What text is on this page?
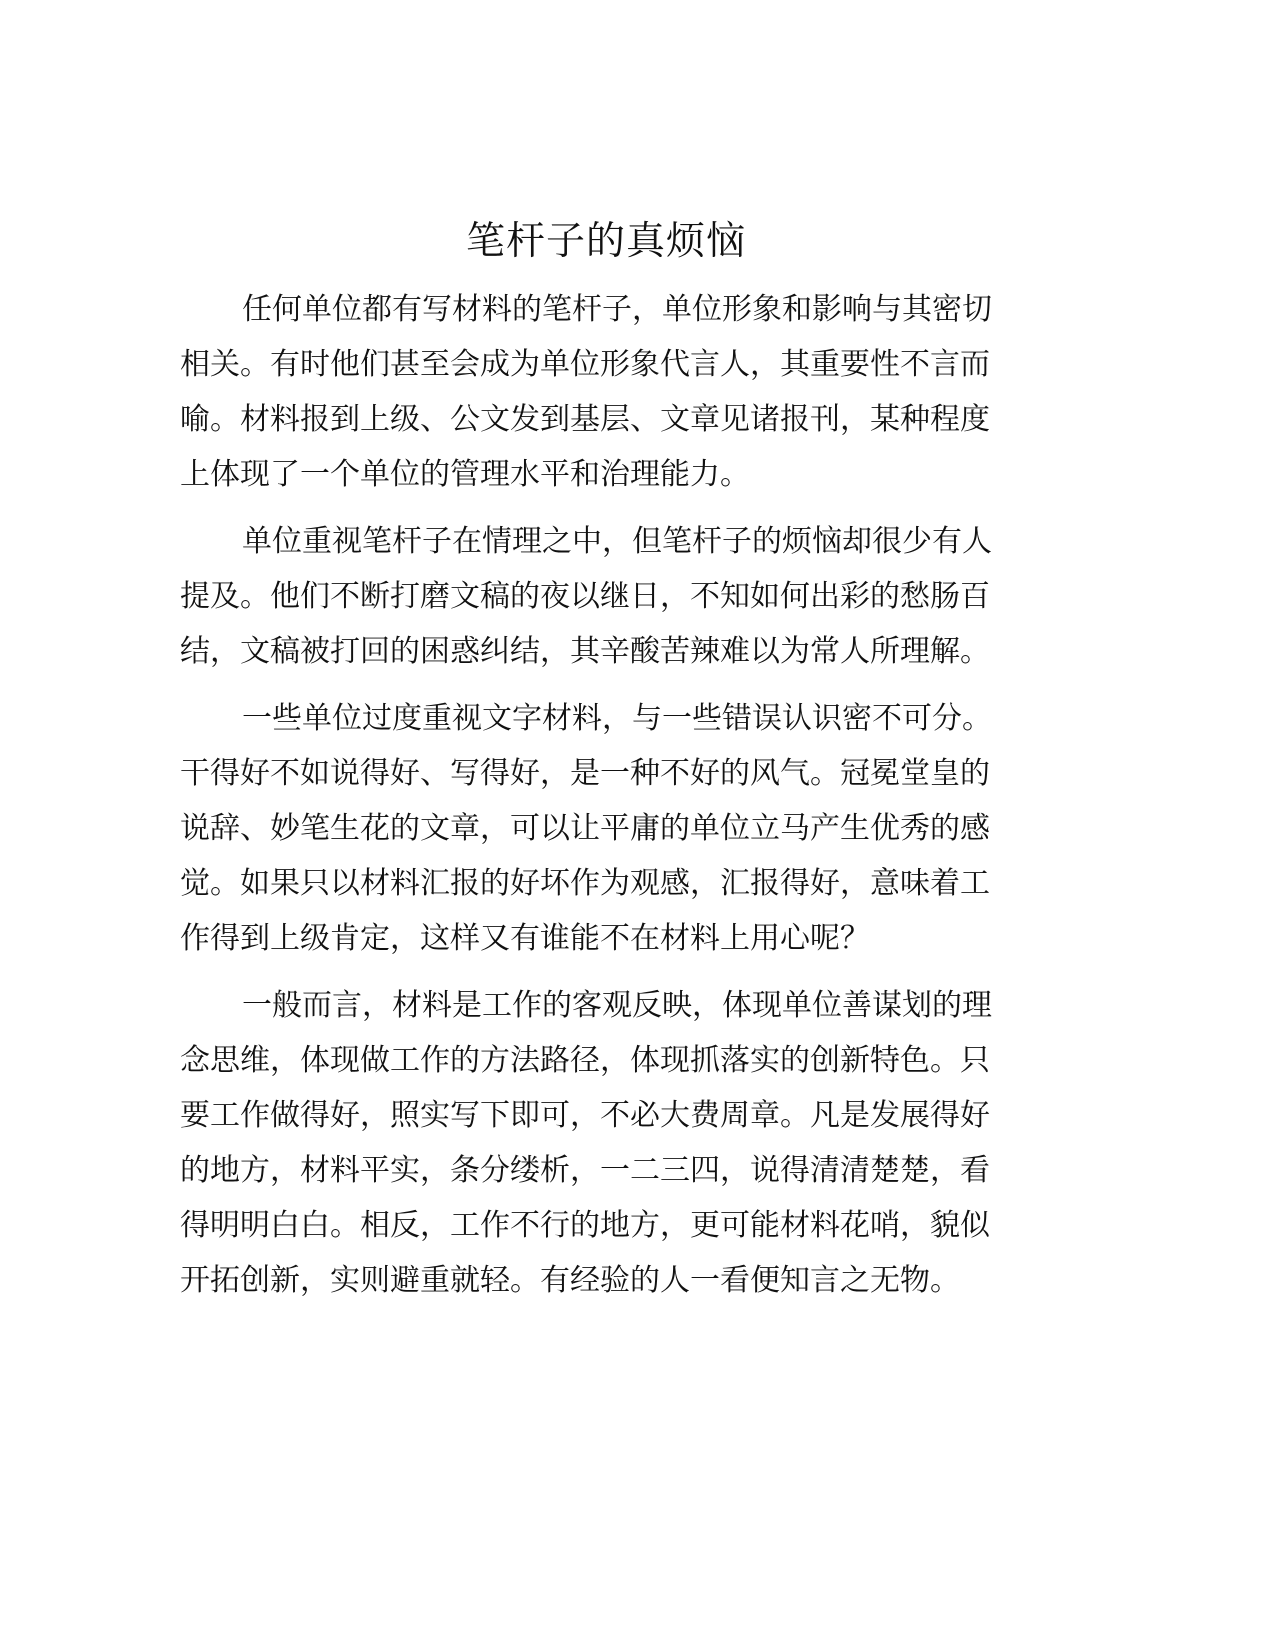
笔杆子的真烦恼

任何单位都有写材料的笔杆子，单位形象和影响与其密切
相关。有时他们甚至会成为单位形象代言人，其重要性不言而
喻。材料报到上级、公文发到基层、文章见诸报刊，某种程度
上体现了一个单位的管理水平和治理能力。

单位重视笔杆子在情理之中，但笔杆子的烦恼却很少有人
提及。他们不断打磨文稿的夜以继日，不知如何出彩的愁肠百
结，文稿被打回的困惑纠结，其辛酸苦辣难以为常人所理解。

一些单位过度重视文字材料，与一些错误认识密不可分。
干得好不如说得好、写得好，是一种不好的风气。冠冕堂皇的
说辞、妙笔生花的文章，可以让平庸的单位立马产生优秀的感
觉。如果只以材料汇报的好坏作为观感，汇报得好，意味着工
作得到上级肯定，这样又有谁能不在材料上用心呢？

一般而言，材料是工作的客观反映，体现单位善谋划的理
念思维，体现做工作的方法路径，体现抓落实的创新特色。只
要工作做得好，照实写下即可，不必大费周章。凡是发展得好
的地方，材料平实，条分缕析，一二三四，说得清清楚楚，看
得明明白白。相反，工作不行的地方，更可能材料花哨，貌似
开拓创新，实则避重就轻。有经验的人一看便知言之无物。
